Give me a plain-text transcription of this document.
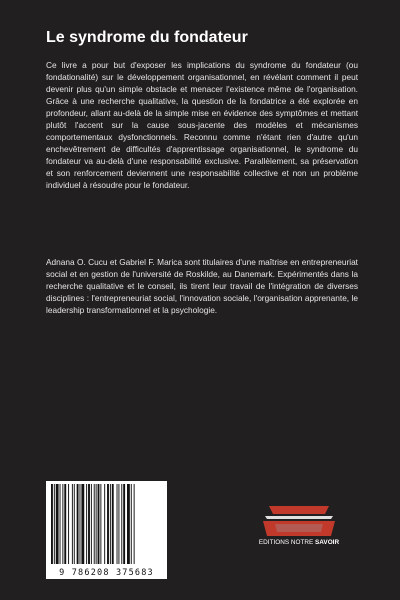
Le syndrome du fondateur

Ce livre a pour but d'exposer les implications du syndrome du fondateur (ou fondationalité) sur le développement organisationnel, en révélant comment il peut devenir plus qu'un simple obstacle et menacer l'existence même de l'organisation. Grâce à une recherche qualitative, la question de la fondatrice a été explorée en profondeur, allant au-delà de la simple mise en évidence des symptômes et mettant plutôt l'accent sur la cause sous-jacente des modèles et mécanismes comportementaux dysfonctionnels. Reconnu comme n'étant rien d'autre qu'un enchevêtrement de difficultés d'apprentissage organisationnel, le syndrome du fondateur va au-delà d'une responsabilité exclusive. Parallèlement, sa préservation et son renforcement deviennent une responsabilité collective et non un problème individuel à résoudre pour le fondateur.

Adnana O. Cucu et Gabriel F. Marica sont titulaires d'une maîtrise en entrepreneuriat social et en gestion de l'université de Roskilde, au Danemark. Expérimentés dans la recherche qualitative et le conseil, ils tirent leur travail de l'intégration de diverses disciplines : l'entrepreneuriat social, l'innovation sociale, l'organisation apprenante, le leadership transformationnel et la psychologie.

9 786208 375683

EDITIONS NOTRE SAVOIR
